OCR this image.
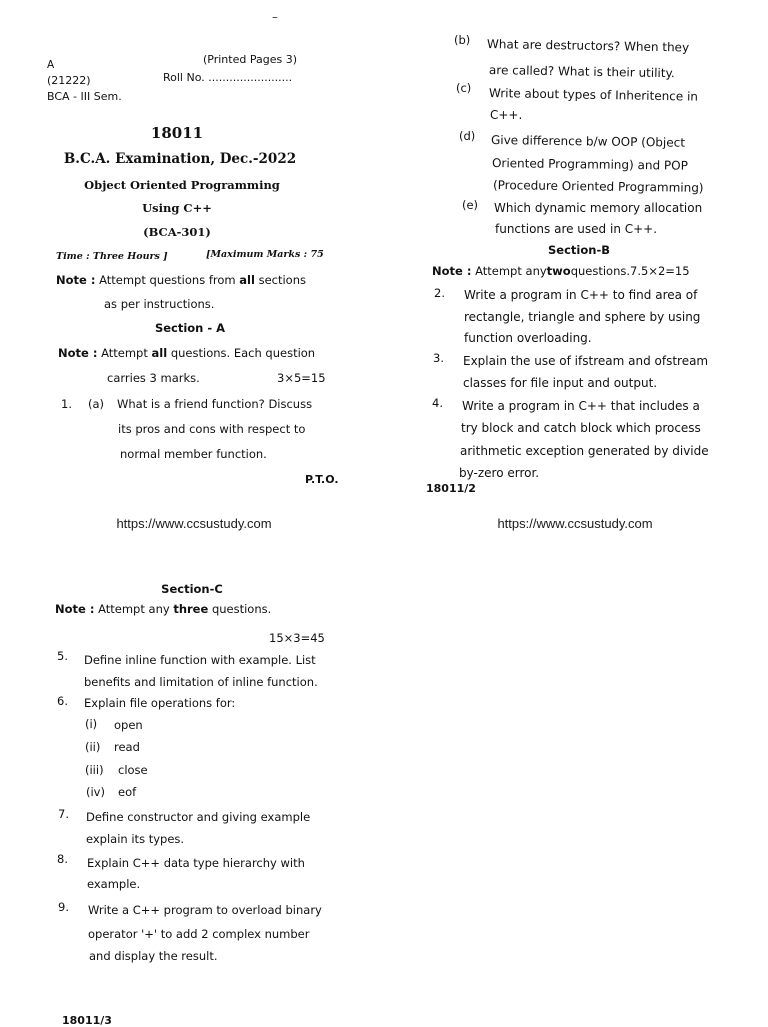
–
A	(Printed Pages 3)
(21222)	Roll No. ........................
BCA - III Sem.
18011
B.C.A. Examination, Dec.-2022
Object Oriented Programming
Using C++
(BCA-301)
Time : Three Hours ]	[Maximum Marks : 75
Note : Attempt questions from all sections
as per instructions.
Section - A
Note : Attempt all questions. Each question
carries 3 marks.	3×5=15
1. (a) What is a friend function? Discuss
its pros and cons with respect to
normal member function.
P.T.O.
https://www.ccsustudy.com
(b) What are destructors? When they
are called? What is their utility.
(c) Write about types of Inheritence in
C++.
(d) Give difference b/w OOP (Object
Oriented Programming) and POP
(Procedure Oriented Programming)
(e) Which dynamic memory allocation
functions are used in C++.
Section-B
Note : Attempt anytwoquestions.7.5×2=15
2. Write a program in C++ to find area of
rectangle, triangle and sphere by using
function overloading.
3. Explain the use of ifstream and ofstream
classes for file input and output.
4. Write a program in C++ that includes a
try block and catch block which process
arithmetic exception generated by divide
by-zero error.
18011/2
https://www.ccsustudy.com
Section-C
Note : Attempt any three questions.
15×3=45
5. Define inline function with example. List
benefits and limitation of inline function.
6. Explain file operations for:
(i) open
(ii) read
(iii) close
(iv) eof
7. Define constructor and giving example
explain its types.
8. Explain C++ data type hierarchy with
example.
9. Write a C++ program to overload binary
operator '+' to add 2 complex number
and display the result.
18011/3
